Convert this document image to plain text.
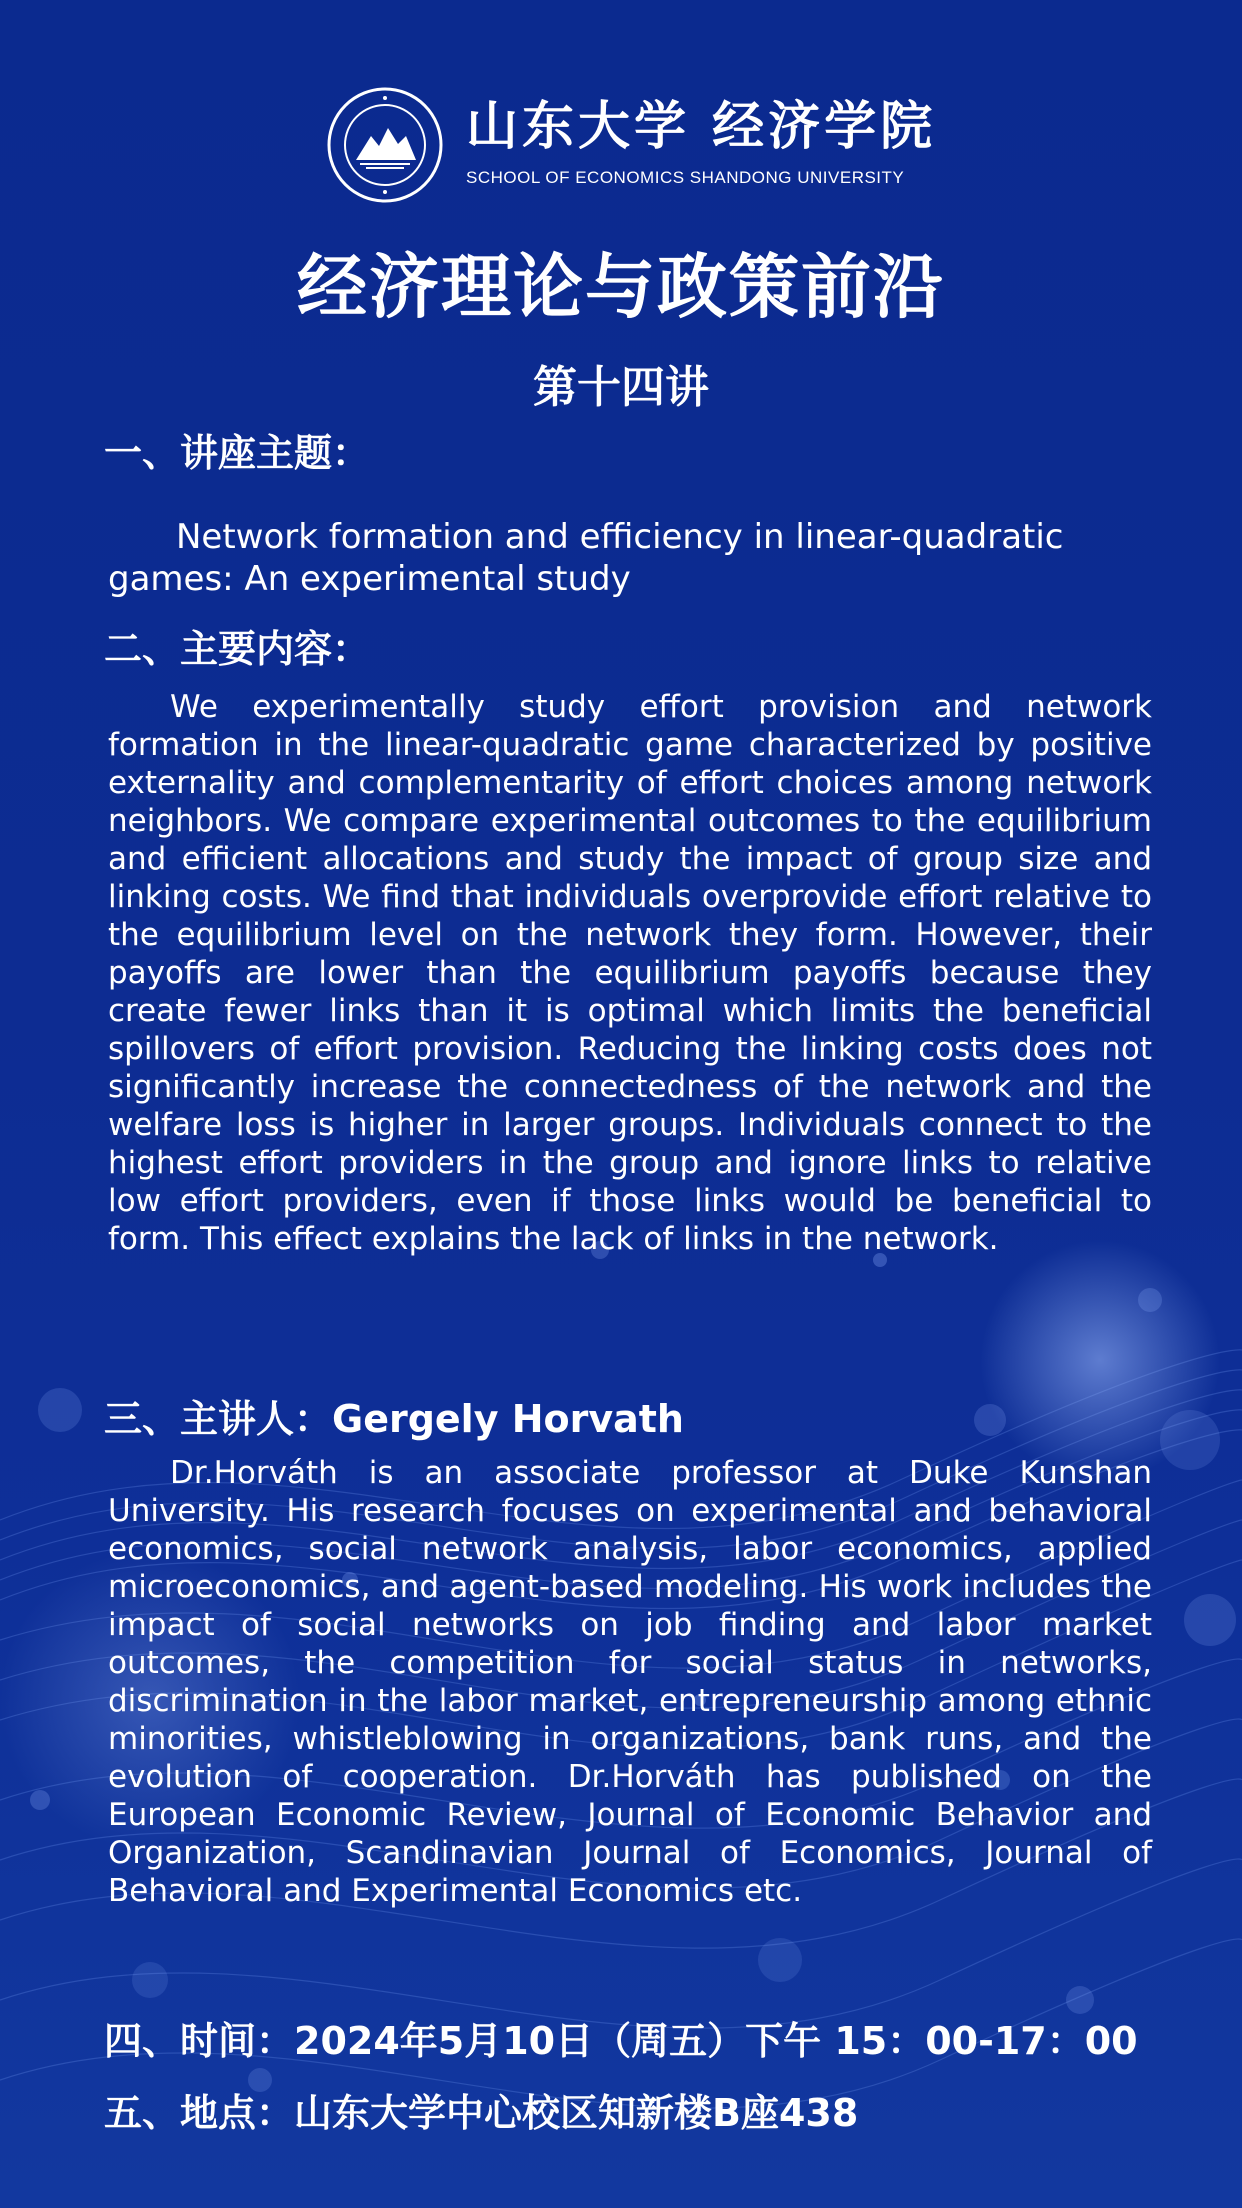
山东大学 经济学院
SCHOOL OF ECONOMICS SHANDONG UNIVERSITY
经济理论与政策前沿
第十四讲
一、讲座主题：
Network formation and efficiency in linear-quadratic games: An experimental study
二、主要内容：
We experimentally study effort provision and network formation in the linear-quadratic game characterized by positive externality and complementarity of effort choices among network neighbors. We compare experimental outcomes to the equilibrium and efficient allocations and study the impact of group size and linking costs. We find that individuals overprovide effort relative to the equilibrium level on the network they form. However, their payoffs are lower than the equilibrium payoffs because they create fewer links than it is optimal which limits the beneficial spillovers of effort provision. Reducing the linking costs does not significantly increase the connectedness of the network and the welfare loss is higher in larger groups. Individuals connect to the highest effort providers in the group and ignore links to relative low effort providers, even if those links would be beneficial to form. This effect explains the lack of links in the network.
三、主讲人：Gergely Horvath
Dr.Horváth is an associate professor at Duke Kunshan University. His research focuses on experimental and behavioral economics, social network analysis, labor economics, applied microeconomics, and agent-based modeling. His work includes the impact of social networks on job finding and labor market outcomes, the competition for social status in networks, discrimination in the labor market, entrepreneurship among ethnic minorities, whistleblowing in organizations, bank runs, and the evolution of cooperation. Dr.Horváth has published on the European Economic Review, Journal of Economic Behavior and Organization, Scandinavian Journal of Economics, Journal of Behavioral and Experimental Economics etc.
四、时间：2024年5月10日（周五）下午 15：00-17：00
五、地点：山东大学中心校区知新楼B座438
